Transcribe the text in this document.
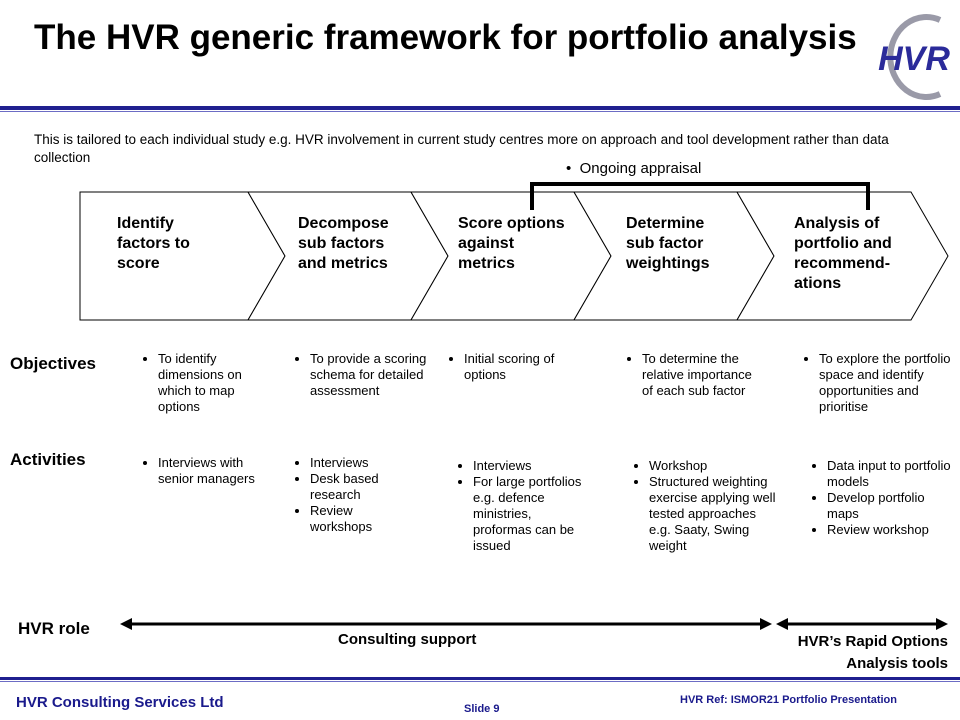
The HVR generic framework for portfolio analysis
HVR
This is tailored to each individual study e.g. HVR involvement in current study centres more on approach and tool development rather than data collection
•  Ongoing appraisal
Identify
factors to
score
Decompose
sub factors
and metrics
Score options
against
metrics
Determine
sub factor
weightings
Analysis of
portfolio and
recommend-
ations
Objectives
Activities
• To identify dimensions on which to map options
• To provide a scoring schema for detailed assessment
• Initial scoring of options
• To determine the relative importance of each sub factor
• To explore the portfolio space and identify opportunities and prioritise
• Interviews with senior managers
• Interviews
• Desk based research
• Review workshops
• Interviews
• For large portfolios e.g. defence ministries, proformas can be issued
• Workshop
• Structured weighting exercise applying well tested approaches e.g. Saaty, Swing weight
• Data input to portfolio models
• Develop portfolio maps
• Review workshop
HVR role
Consulting support	HVR’s Rapid Options
Analysis tools
HVR Consulting Services Ltd	Slide 9
HVR Ref: ISMOR21 Portfolio Presentation
